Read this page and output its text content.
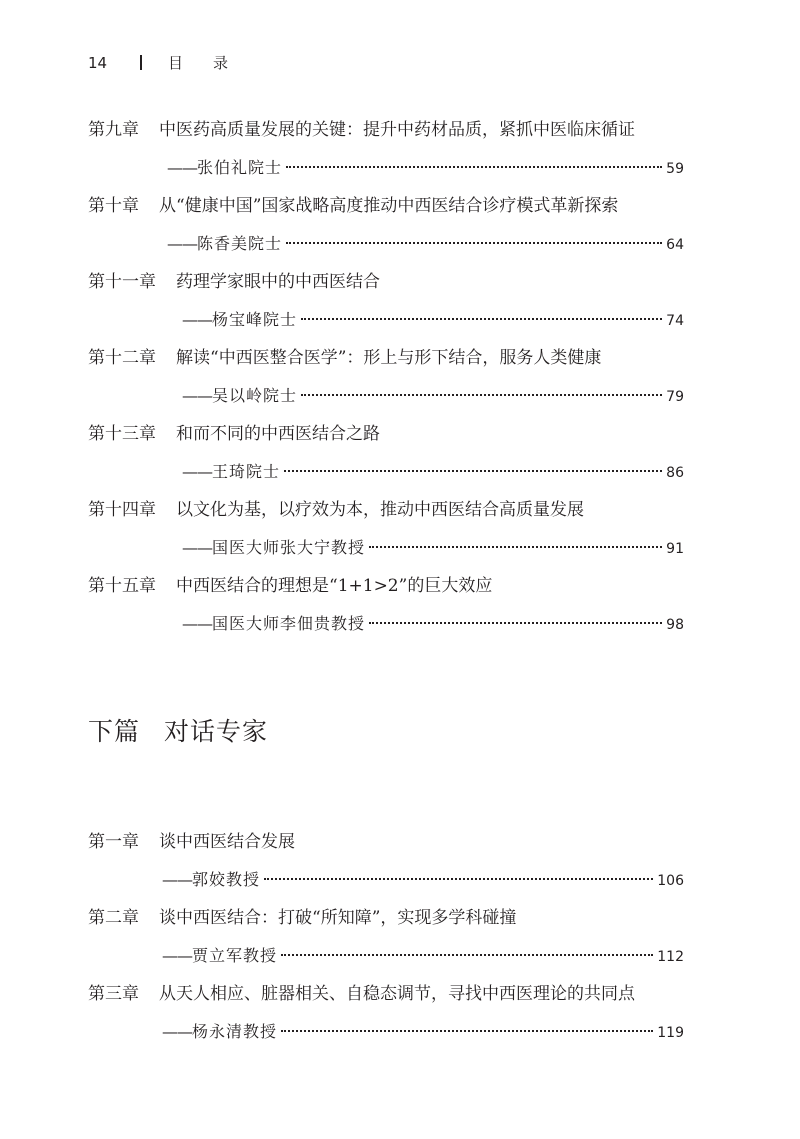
14	目录
第九章 中医药高质量发展的关键：提升中药材品质，紧抓中医临床循证
—— 张伯礼院士	59
第十章 从“健康中国”国家战略高度推动中西医结合诊疗模式革新探索
—— 陈香美院士	64
第十一章 药理学家眼中的中西医结合
—— 杨宝峰院士	74
第十二章 解读“中西医整合医学”：形上与形下结合，服务人类健康
—— 吴以岭院士	79
第十三章 和而不同的中西医结合之路
—— 王琦院士	86
第十四章 以文化为基，以疗效为本，推动中西医结合高质量发展
—— 国医大师张大宁教授	91
第十五章 中西医结合的理想是“1+1>2”的巨大效应
—— 国医大师李佃贵教授	98
下篇 对话专家
第一章 谈中西医结合发展
—— 郭姣教授	106
第二章 谈中西医结合：打破“所知障”，实现多学科碰撞
—— 贾立军教授	112
第三章 从天人相应、脏器相关、自稳态调节，寻找中西医理论的共同点
—— 杨永清教授	119
